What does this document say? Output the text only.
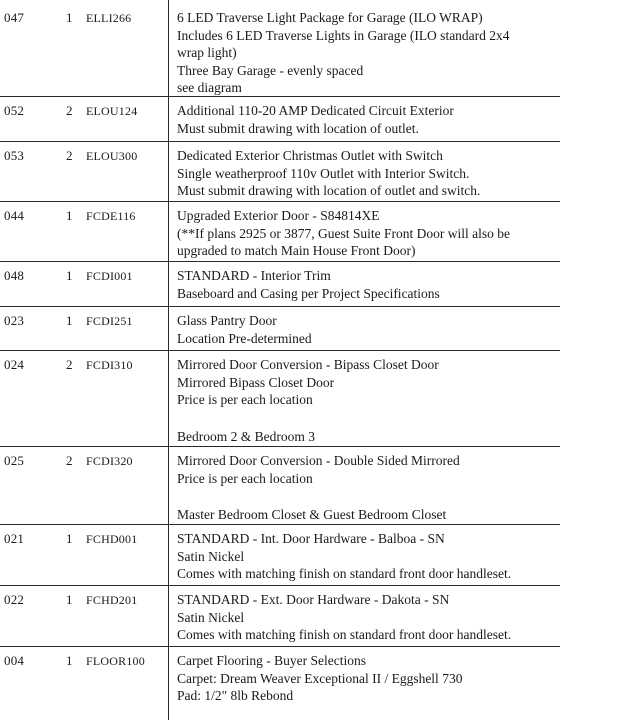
047	1 ELLI266	6 LED Traverse Light Package for Garage (ILO WRAP)
Includes 6 LED Traverse Lights in Garage (ILO standard 2x4
wrap light)
Three Bay Garage - evenly spaced
see diagram
052	2 ELOU124	Additional 110-20 AMP Dedicated Circuit Exterior
Must submit drawing with location of outlet.
053	2 ELOU300	Dedicated Exterior Christmas Outlet with Switch
Single weatherproof 110v Outlet with Interior Switch.
Must submit drawing with location of outlet and switch.
044	1 FCDE116	Upgraded Exterior Door - S84814XE
(**If plans 2925 or 3877, Guest Suite Front Door will also be
upgraded to match Main House Front Door)
048	1 FCDI001	STANDARD - Interior Trim
Baseboard and Casing per Project Specifications
023	1 FCDI251	Glass Pantry Door
Location Pre-determined
024	2 FCDI310	Mirrored Door Conversion - Bipass Closet Door
Mirrored Bipass Closet Door
Price is per each location
Bedroom 2 & Bedroom 3
025	2 FCDI320	Mirrored Door Conversion - Double Sided Mirrored
Price is per each location
Master Bedroom Closet & Guest Bedroom Closet
021	1 FCHD001	STANDARD - Int. Door Hardware - Balboa - SN
Satin Nickel
Comes with matching finish on standard front door handleset.
022	1 FCHD201	STANDARD - Ext. Door Hardware - Dakota - SN
Satin Nickel
Comes with matching finish on standard front door handleset.
004	1 FLOOR100 Carpet Flooring - Buyer Selections
Carpet: Dream Weaver Exceptional II / Eggshell 730
Pad: 1/2" 8lb Rebond
